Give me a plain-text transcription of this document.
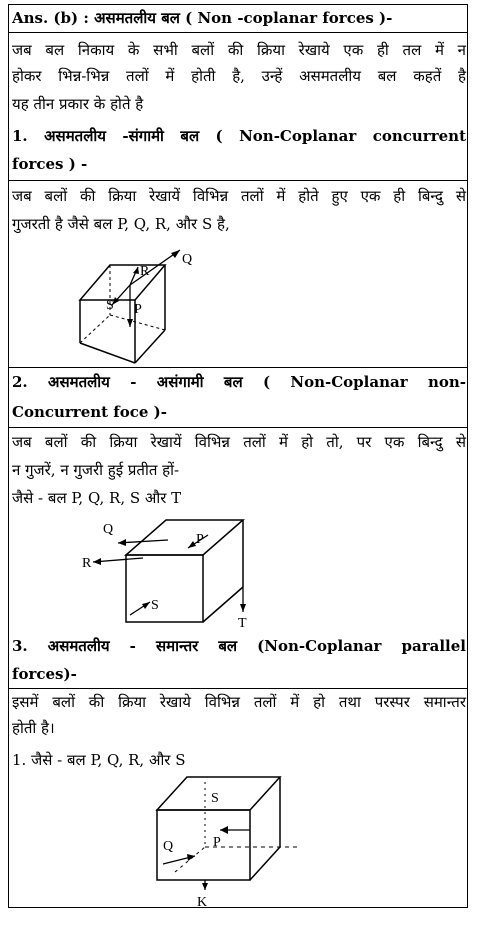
Ans. (b) : असमतलीय बल ( Non -coplanar forces )-
जब बल निकाय के सभी बलों की क्रिया रेखाये एक ही तल में न
होकर भिन्न-भिन्न तलों में होती है, उन्हें असमतलीय बल कहतें है
यह तीन प्रकार के होते है
1. असमतलीय -संगामी बल ( Non-Coplanar concurrent
forces ) -
जब बलों की क्रिया रेखायें विभिन्न तलों में होते हुए एक ही बिन्दु से
गुजरती है जैसे बल P, Q, R, और S है,
Q
R
S P
2. असमतलीय - असंगामी बल ( Non-Coplanar non-
Concurrent foce )-
जब बलों की क्रिया रेखायें विभिन्न तलों में हो तो, पर एक बिन्दु से
न गुजरें, न गुजरी हुई प्रतीत हों-
जैसे - बल P, Q, R, S और T
Q
R
P
S
T
3. असमतलीय - समान्तर बल (Non-Coplanar parallel
forces)-
इसमें बलों की क्रिया रेखाये विभिन्न तलों में हो तथा परस्पर समान्तर
होती है।
1. जैसे - बल P, Q, R, और S
S
Q	P
K
